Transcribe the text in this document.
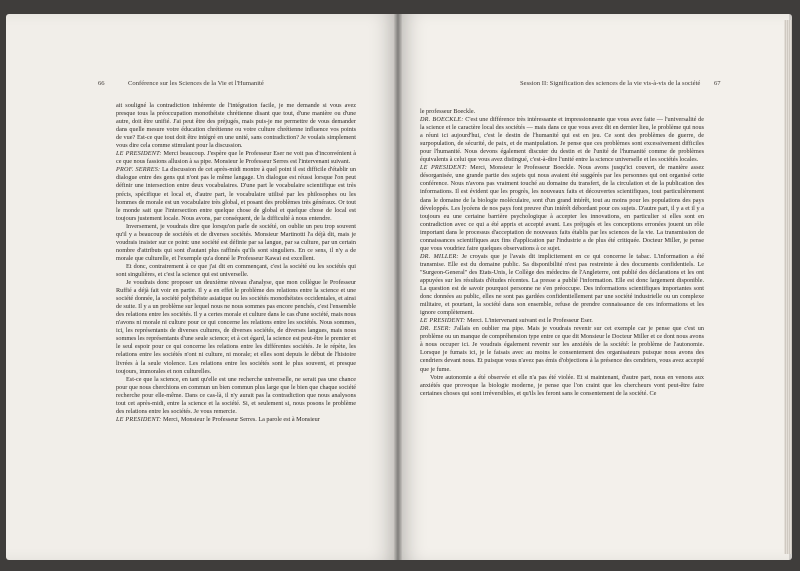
66	Conférence sur les Sciences de la Vie et l'Humanité

ait souligné la contradiction inhérente de l'intégration facile, je me demande si vous avez presque tous la préoccupation monothéiste chrétienne disant que tout, d'une manière ou d'une autre, doit être unifié. J'ai peut être des préjugés, mais puis-je me permettre de vous demander dans quelle mesure votre éducation chrétienne ou votre culture chrétienne influence vos points de vue? Est-ce que tout doit être intégré en une unité, sans contradiction? Je voulais simplement vous dire cela comme stimulant pour la discussion.

LE PRESIDENT: Merci beaucoup. J'espère que le Professeur Eser ne voit pas d'inconvénient à ce que nous fassions allusion à sa pipe. Monsieur le Professeur Serres est l'intervenant suivant.

PROF. SERRES: La discussion de cet après-midi montre à quel point il est difficile d'établir un dialogue entre des gens qui n'ont pas le même langage. Un dialogue est réussi lorsque l'on peut définir une intersection entre deux vocabulaires. D'une part le vocabulaire scientifique est très précis, spécifique et local et, d'autre part, le vocabulaire utilisé par les philosophes ou les hommes de morale est un vocabulaire très global, et posant des problèmes très généraux. Or tout le monde sait que l'intersection entre quelque chose de global et quelque chose de local est toujours justement locale. Nous avons, par conséquent, de la difficulté à nous entendre.

Inversement, je voudrais dire que lorsqu'on parle de société, on oublie un peu trop souvent qu'il y a beaucoup de sociétés et de diverses sociétés. Monsieur Martinotti l'a déjà dit, mais je voudrais insister sur ce point: une société est définie par sa langue, par sa culture, par un certain nombre d'attributs qui sont d'autant plus raffinés qu'ils sont singuliers. En ce sens, il n'y a de morale que culturelle, et l'exemple qu'a donné le Professeur Kawai est excellent.

Et donc, contrairement à ce que j'ai dit en commençant, c'est la société ou les sociétés qui sont singulières, et c'est la science qui est universelle.

Je voudrais donc proposer un deuxième niveau d'analyse, que mon collègue le Professeur Ruffié a déjà fait voir en partie. Il y a en effet le problème des relations entre la science et une société donnée, la société polythéiste asiatique ou les sociétés monothéistes occidentales, et ainsi de suite. Il y a un problème sur lequel nous ne nous sommes pas encore penchés, c'est l'ensemble des relations entre les sociétés. Il y a certes morale et culture dans le cas d'une société, mais nous n'avons ni morale ni culture pour ce qui concerne les relations entre les sociétés. Nous sommes, ici, les représentants de diverses cultures, de diverses sociétés, de diverses langues, mais nous sommes les représentants d'une seule science; et à cet égard, la science est peut-être le premier et le seul espoir pour ce qui concerne les relations entre les différentes sociétés. Je le répète, les relations entre les sociétés n'ont ni culture, ni morale; et elles sont depuis le début de l'histoire livrées à la seule violence. Les relations entre les sociétés sont le plus souvent, et presque toujours, immorales et non culturelles.

Est-ce que la science, en tant qu'elle est une recherche universelle, ne serait pas une chance pour que nous cherchions en commun un bien commun plus large que le bien que chaque société recherche pour elle-même. Dans ce cas-là, il n'y aurait pas la contradiction que nous analysons tout cet après-midi, entre la science et la société. Si, et seulement si, nous posons le problème des relations entre les sociétés. Je vous remercie.

LE PRESIDENT: Merci, Monsieur le Professeur Serres. La parole est à Monsieur

Session II: Signification des sciences de la vie vis-à-vis de la société 67

le professeur Boeckle.

DR. BOECKLE: C'est une différence très intéressante et impressionnante que vous avez faite — l'universalité de la science et le caractère local des sociétés — mais dans ce que vous avez dit en dernier lieu, le problème qui nous a réuni ici aujourd'hui, c'est le destin de l'humanité qui est en jeu. Ce sont des problèmes de guerre, de surpopulation, de sécurité, de paix, et de manipulation. Je pense que ces problèmes sont excessivement difficiles pour l'humanité. Nous devons également discuter du destin et de l'unité de l'humanité comme de problèmes équivalents à celui que vous avez distingué, c'est-à-dire l'unité entre la science universelle et les sociétés locales.

LE PRESIDENT: Merci, Monsieur le Professeur Boeckle. Nous avons jusqu'ici couvert, de manière assez désorganisée, une grande partie des sujets qui nous avaient été suggérés par les personnes qui ont organisé cette conférence. Nous n'avons pas vraiment touché au domaine du transfert, de la circulation et de la publication des informations. Il est évident que les progrès, les nouveaux faits et découvertes scientifiques, tout particulièrement dans le domaine de la biologie moléculaire, sont d'un grand intérêt, tout au moins pour les populations des pays développés. Les lycéens de nos pays font preuve d'un intérêt débordant pour ces sujets. D'autre part, il y a et il y a toujours eu une certaine barrière psychologique à accepter les innovations, en particulier si elles sont en contradiction avec ce qui a été appris et accepté avant. Les préjugés et les conceptions erronées jouent un rôle important dans le processus d'acceptation de nouveaux faits établis par les sciences de la vie. La transmission de connaissances scientifiques aux fins d'application par l'industrie a de plus été critiquée. Docteur Miller, je pense que vous voudriez faire quelques observations à ce sujet.

DR. MILLER: Je croyais que je l'avais dit implicitement en ce qui concerne le tabac. L'information a été transmise. Elle est du domaine public. Sa disponibilité n'est pas restreinte à des documents confidentiels. Le "Surgeon-General" des Etats-Unis, le Collège des médecins de l'Angleterre, ont publié des déclarations et les ont appuyées sur les résultats d'études récentes. La presse a publié l'information. Elle est donc largement disponible. La question est de savoir pourquoi personne ne s'en préoccupe. Des informations scientifiques importantes sont donc données au public, elles ne sont pas gardées confidentiellement par une société industrielle ou un complexe militaire, et pourtant, la société dans son ensemble, refuse de prendre connaissance de ces informations et les ignore complètement.

LE PRESIDENT: Merci. L'intervenant suivant est le Professeur Eser.

DR. ESER: J'allais en oublier ma pipe. Mais je voudrais revenir sur cet exemple car je pense que c'est un problème ou un manque de compréhension type entre ce que dit Monsieur le Docteur Miller et ce dont nous avons à nous occuper ici. Je voudrais également revenir sur les anxiétés de la société: le problème de l'autonomie. Lorsque je fumais ici, je le faisais avec au moins le consentement des organisateurs puisque nous avons des cendriers devant nous. Et puisque vous n'avez pas émis d'objections à la présence des cendriers, vous avez accepté que je fume.

Votre autonomie a été observée et elle n'a pas été violée. Et si maintenant, d'autre part, nous en venons aux anxiétés que provoque la biologie moderne, je pense que l'on craint que les chercheurs vont peut-être faire certaines choses qui sont irréversibles, et qu'ils les feront sans le consentement de la société. Ce
